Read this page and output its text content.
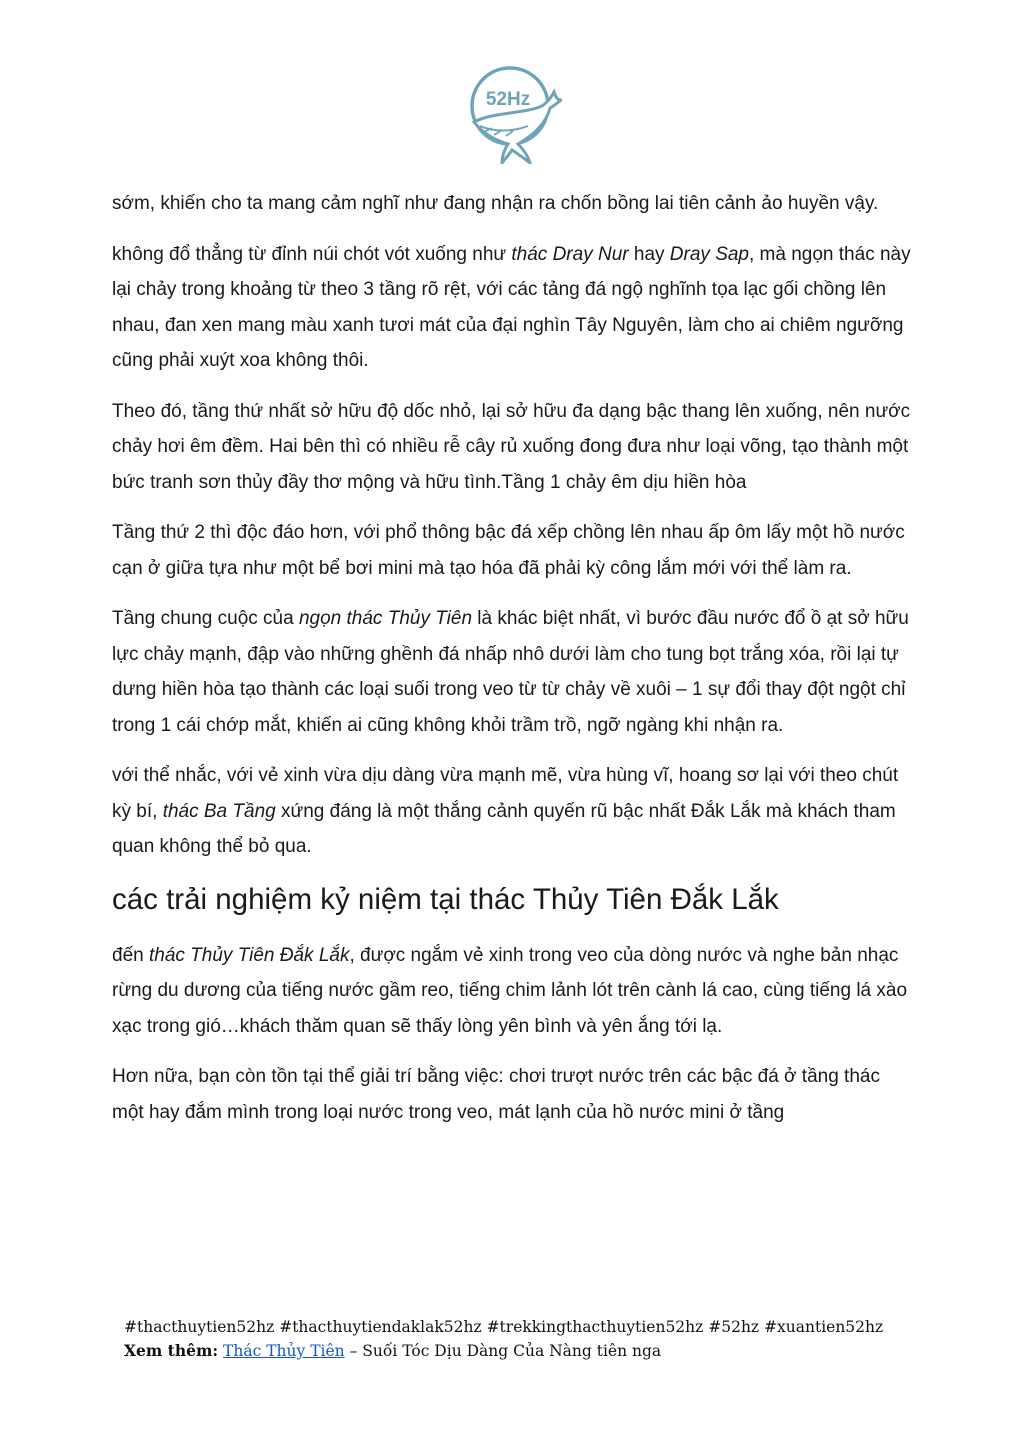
52Hz

sớm, khiến cho ta mang cảm nghĩ như đang nhận ra chốn bồng lai tiên cảnh ảo huyền vậy.

không đổ thẳng từ đỉnh núi chót vót xuống như thác Dray Nur hay Dray Sap, mà ngọn thác này lại chảy trong khoảng từ theo 3 tầng rõ rệt, với các tảng đá ngộ nghĩnh tọa lạc gối chồng lên nhau, đan xen mang màu xanh tươi mát của đại nghìn Tây Nguyên, làm cho ai chiêm ngưỡng cũng phải xuýt xoa không thôi.

Theo đó, tầng thứ nhất sở hữu độ dốc nhỏ, lại sở hữu đa dạng bậc thang lên xuống, nên nước chảy hơi êm đềm. Hai bên thì có nhiều rễ cây rủ xuống đong đưa như loại võng, tạo thành một bức tranh sơn thủy đầy thơ mộng và hữu tình.Tầng 1 chảy êm dịu hiền hòa

Tầng thứ 2 thì độc đáo hơn, với phổ thông bậc đá xếp chồng lên nhau ấp ôm lấy một hồ nước cạn ở giữa tựa như một bể bơi mini mà tạo hóa đã phải kỳ công lắm mới với thể làm ra.

Tầng chung cuộc của ngọn thác Thủy Tiên là khác biệt nhất, vì bước đầu nước đổ ồ ạt sở hữu lực chảy mạnh, đập vào những ghềnh đá nhấp nhô dưới làm cho tung bọt trắng xóa, rồi lại tự dưng hiền hòa tạo thành các loại suối trong veo từ từ chảy về xuôi – 1 sự đổi thay đột ngột chỉ trong 1 cái chớp mắt, khiến ai cũng không khỏi trầm trồ, ngỡ ngàng khi nhận ra.

với thể nhắc, với vẻ xinh vừa dịu dàng vừa mạnh mẽ, vừa hùng vĩ, hoang sơ lại với theo chút kỳ bí, thác Ba Tầng xứng đáng là một thắng cảnh quyến rũ bậc nhất Đắk Lắk mà khách tham quan không thể bỏ qua.

các trải nghiệm kỷ niệm tại thác Thủy Tiên Đắk Lắk

đến thác Thủy Tiên Đắk Lắk, được ngắm vẻ xinh trong veo của dòng nước và nghe bản nhạc rừng du dương của tiếng nước gầm reo, tiếng chim lảnh lót trên cành lá cao, cùng tiếng lá xào xạc trong gió…khách thăm quan sẽ thấy lòng yên bình và yên ắng tới lạ.

Hơn nữa, bạn còn tồn tại thể giải trí bằng việc: chơi trượt nước trên các bậc đá ở tầng thác một hay đắm mình trong loại nước trong veo, mát lạnh của hồ nước mini ở tầng

#thacthuytien52hz #thacthuytiendaklak52hz #trekkingthacthuytien52hz #52hz #xuantien52hz
Xem thêm: Thác Thủy Tiên – Suối Tóc Dịu Dàng Của Nàng tiên nga
